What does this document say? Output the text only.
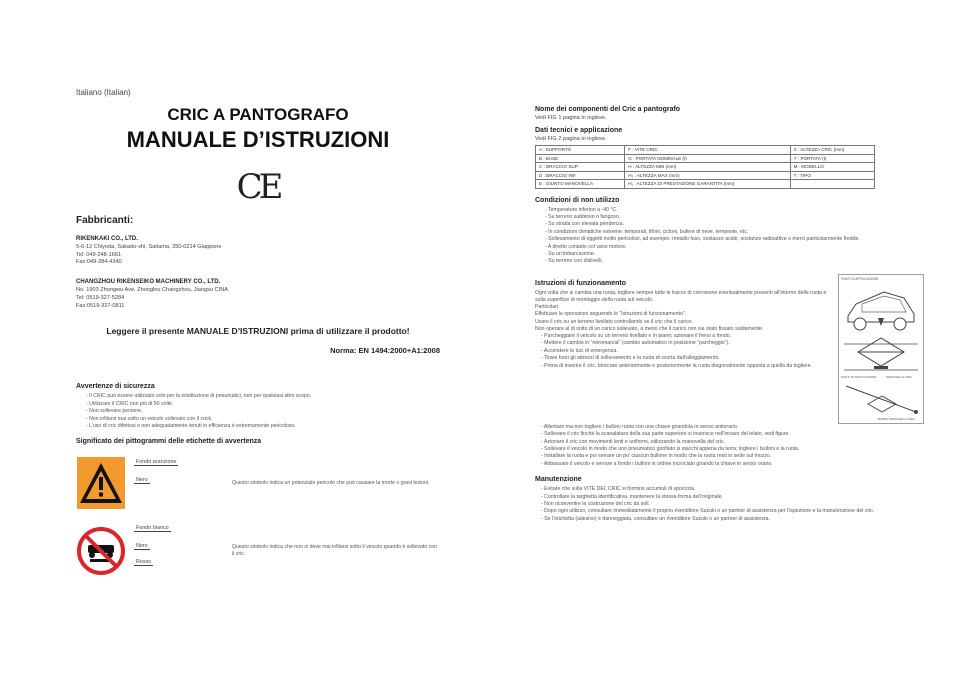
Italiano (Italian)
CRIC A PANTOGRAFO
MANUALE D’ISTRUZIONI
CE
Fabbricanti:
RIKENKAKI CO., LTD.
5-6-12 Chiyoda, Sakado-shi, Saitama, 350-0214 Giappone
Tel: 049-248-1661
Fax:049-284-4340
CHANGZHOU RIKENSEIKO MACHINERY CO., LTD.
No. 1903 Zhongwu Ave. Zhonglou Changzhou, Jiangsu CINA
Tel: 0519-327-5284
Fax:0519-327-0811
Leggere il presente MANUALE D’ISTRUZIONI prima di utilizzare il prodotto!
Norma: EN 1494:2000+A1:2008
Avvertenze di sicurezza
- Il CRIC può essere utilizzato solo per la sostituzione di pneumatici, non per qualsiasi altro scopo.
- Utilizzare il CRIC non più di 50 volte.
- Non sollevare persone.
- Non infilarsi mai sotto un veicolo sollevato con il crick.
- L’uso di cric difettosi o non adeguatamente tenuti in efficienza è estremamente pericoloso.
Significato dei pittogrammi delle etichette di avvertenza
Fondo arancione
Nero	Questo simbolo indica un potenziale pericolo che può causare la morte o gravi lesioni.
Fondo bianco
Nero
Rosso
Questo simbolo indica che non si deve mai infilarsi sotto il veicolo quando è sollevato con il cric.
Nome dei componenti del Cric a pantografo
Vedi FIG 1 pagina in inglese.
Dati tecnici e applicazione
Vedi FIG 2 pagina in inglese.
A : SUPPORTO	F : VITE CRIC	X : ALTEZZA CRIC (mm)
B : BASE	G : PORTATA NOMINALE (t)	Y : PORTATA (t)
C : BRACCIO SUP.	H : ALTEZZA MIN (mm)	M : MODELLO
D : BRACCIO INF.	H₂ : ALTEZZA MAX (mm)	T : TIPO
E : GIUNTO MANOVELLA	H₁ : ALTEZZA DI PRESTAZIONE GARANTITA (mm)	
Condizioni di non utilizzo
- Temperature inferiori a -40 °C.
- Su terreno sabbioso o fangoso.
- Su strada con elevata pendenza.
- In condizioni climatiche estreme: temporali, tifoni, cicloni, bufere di neve, tempeste, etc.
- Sollevamento di oggetti molto pericolosi, ad esempio: metallo fuso, sostanze acide, sostanze radioattive o merci particolarmente fredde.
- A diretto contatto col vano motore.
- Su un’imbarcazione.
- Su terreno con dislivelli.
Istruzioni di funzionamento

Ogni volta che si cambia una ruota, togliere sempre tutte le tracce di corrosione eventualmente presenti all’interno della ruota e sulla superficie di montaggio della ruota sul veicolo.

Particolari.

Effettuare le operazioni seguendo le “Istruzioni di funzionamento”.

Usare il cric su un terreno livellato controllando se il cric che il carico.

Non operare al di sotto di un carico sollevato, a meno che il carico non sia stato fissato saldamente.

- Parcheggiare il veicolo su un terreno livellato e in piano; azionare il freno a fondo.
- Mettere il cambio in “retromarcia” (cambio automatico in posizione “parcheggio”).
- Accendere le luci di emergenza.
- Tirare fuori gli attrezzi di sollevamento e la ruota di scorta dall’alloggiamento.
- Prima di inserire il cric, bloccare anteriormente e posteriormente la ruota diagonalmente opposta a quella da togliere.
PUNTI DI APPLICAZIONE
PUNTI DI APPLICAZIONE	MANOVELLA CRIC
BARRA MANOVELLA CRIC
- Allentare ma non togliere i bulloni ruota con una chiave girandola in senso antiorario.
- Sollevare il cric finché la scanalatura della sua parte superiore si inserisce nell’incavo del telaio, vedi figure.
- Azionare il cric con movimenti lenti e uniformi, utilizzando la manovella del cric.
- Sollevare il veicolo in modo che uno pneumatico gonfiato si stacchi appena da terra; togliere i bulloni e la ruota.
- Installare la ruota e poi serrare un po’ ciascun bullone in modo che la ruota resti in sede sul mozzo.
- Abbassare il veicolo e serrare a fondo i bulloni in ordine incrociato girando la chiave in senso orario.
Manutenzione
- Evitare che sulla VITE DEL CRIC si formino accumuli di sporcizia.
- Controllare la targhetta identificativa, mantenere la stessa forma dell’originale.
- Non riconvertire la costruzione del cric da soli.
- Dopo ogni utilizzo, consultare immediatamente il proprio rivenditore Suzuki o un partner di assistenza per l’ispezione e la manutenzione del cric.
- Se l’etichetta (adesivo) è danneggiata, consultare un rivenditore Suzuki o un partner di assistenza.
